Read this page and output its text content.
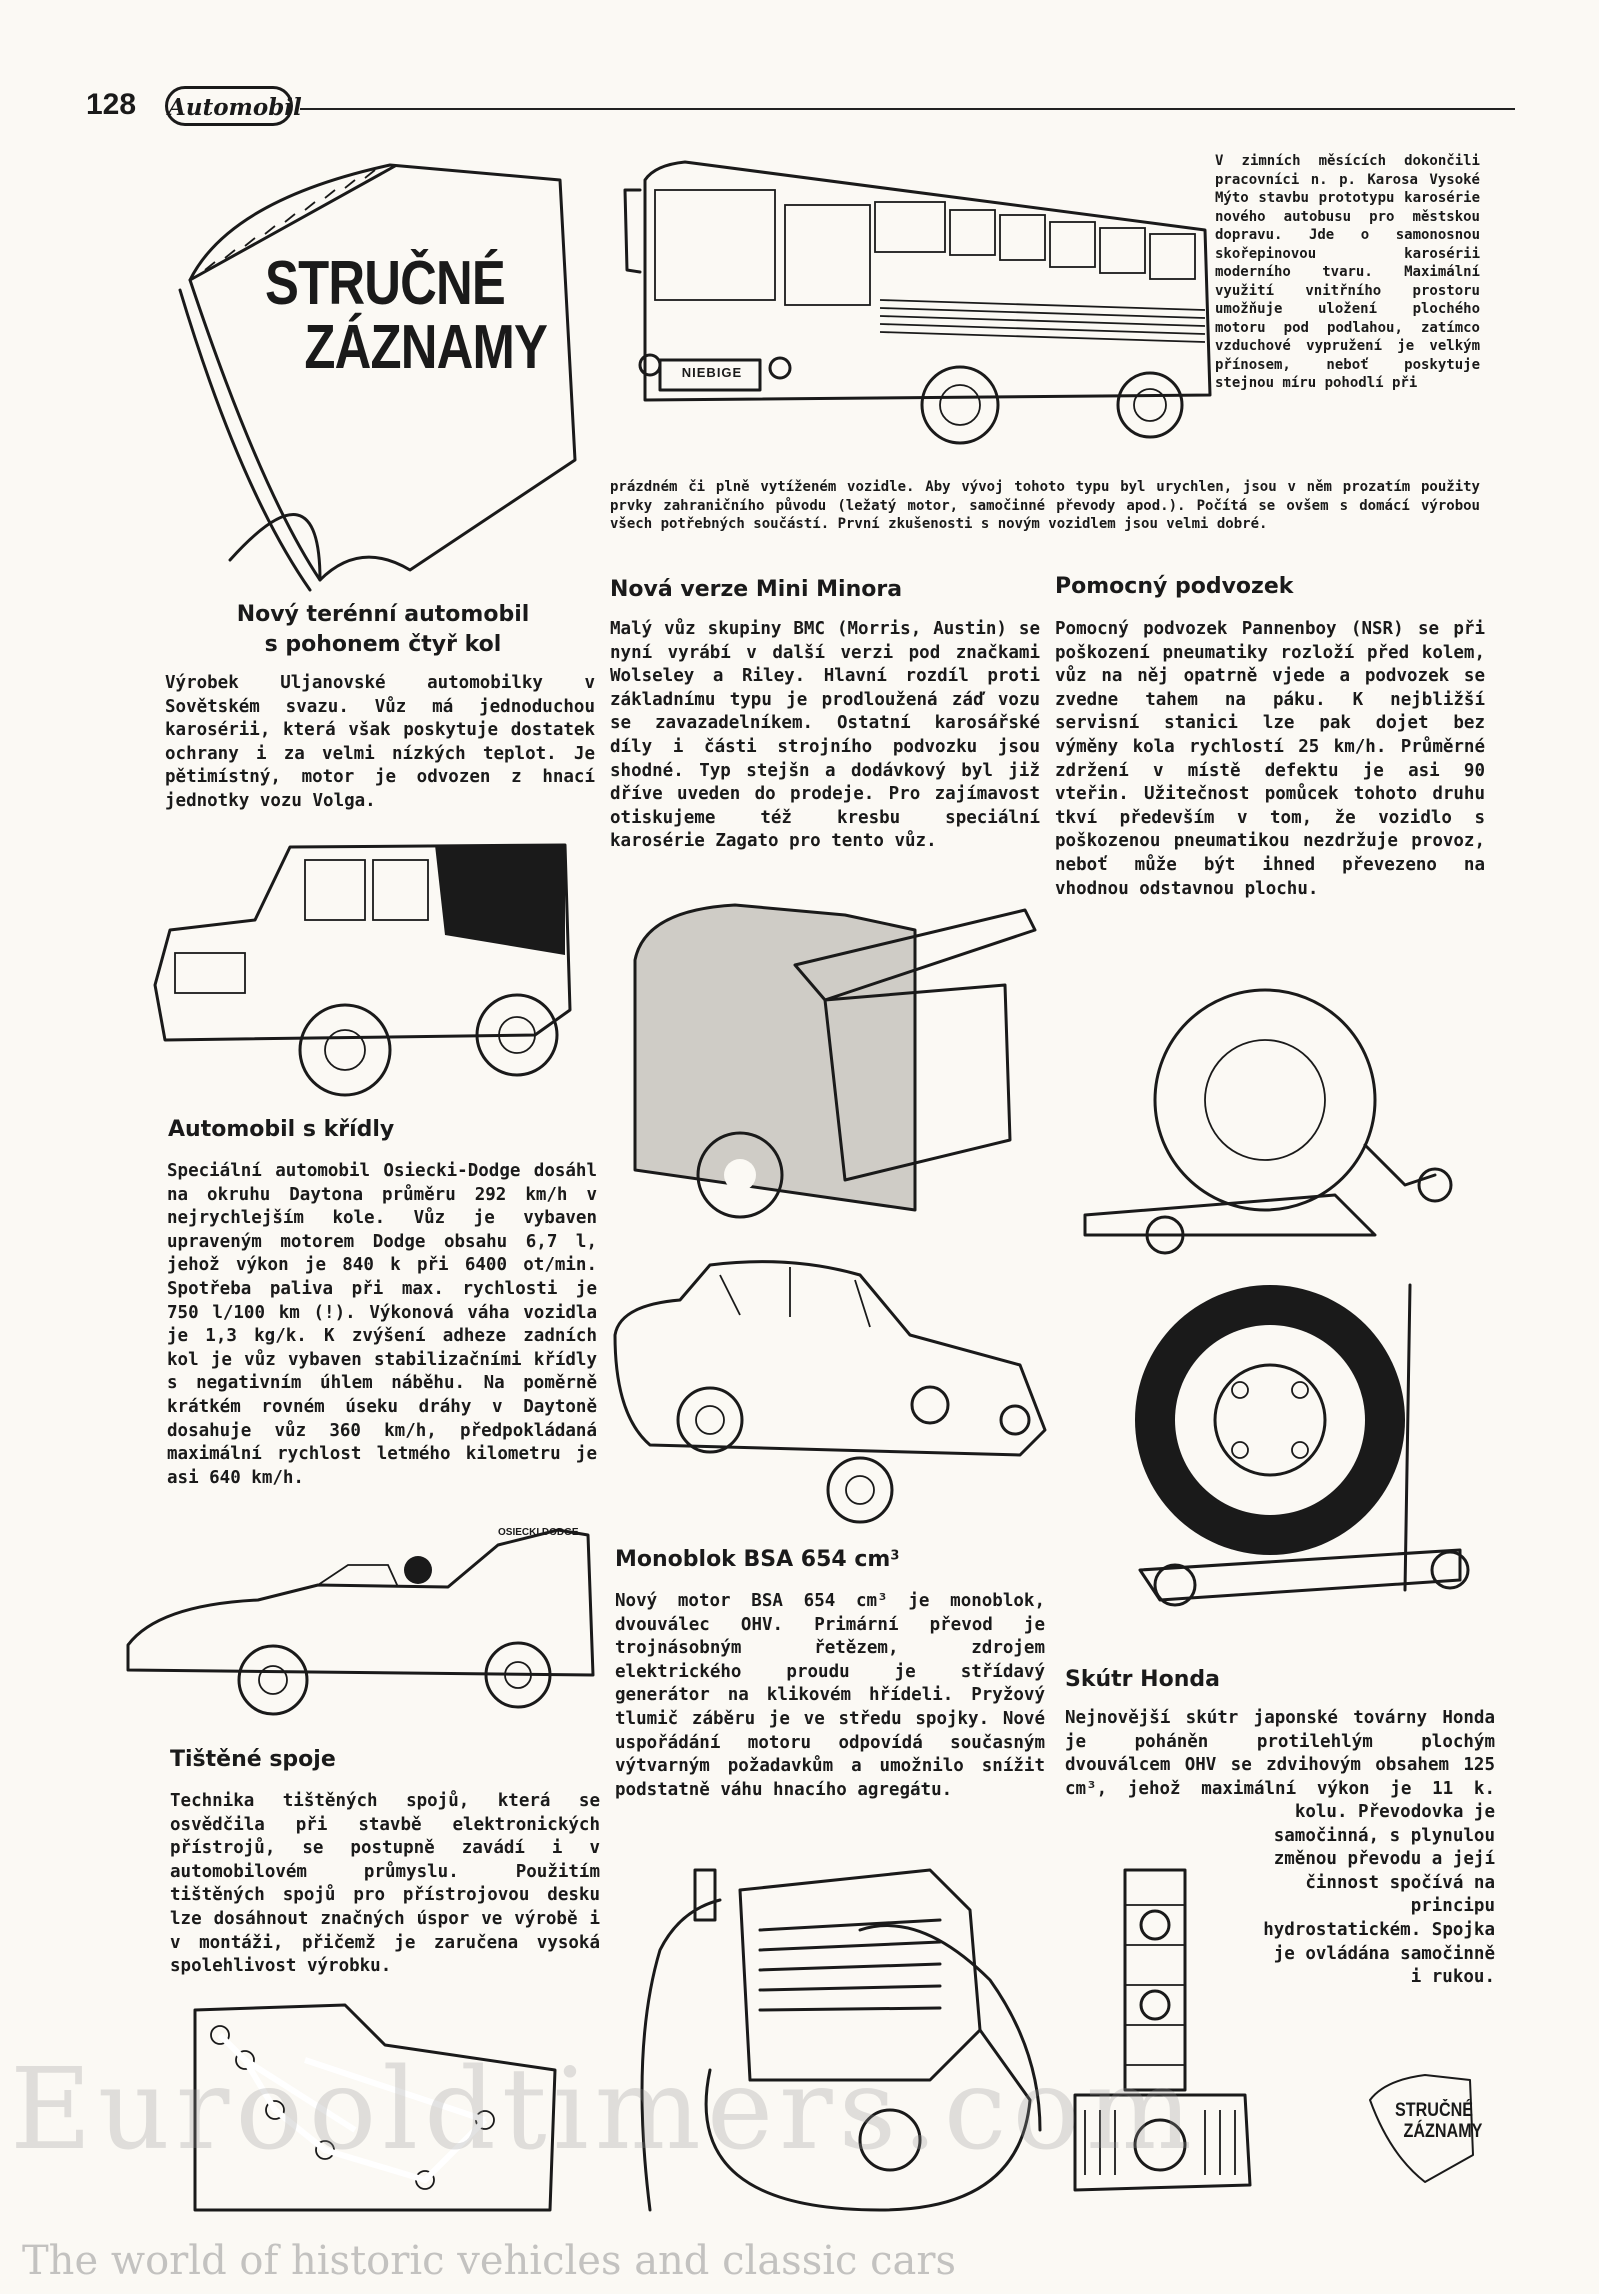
128 Automobil
STRUČNÉ
ZÁZNAMY	NIEBIGE

V zimních měsících dokončili pracovníci n. p. Karosa Vysoké Mýto stavbu prototypu karosérie nového autobusu pro městskou dopravu. Jde o samonosnou skořepinovou karosérii moderního tvaru. Maximální využití vnitřního prostoru umožňuje uložení plochého motoru pod podlahou, zatímco vzduchové vypružení je velkým přínosem, neboť poskytuje stejnou míru pohodlí při

prázdném či plně vytíženém vozidle. Aby vývoj tohoto typu byl urychlen, jsou v něm prozatím použity prvky zahraničního původu (ležatý motor, samočinné převody apod.). Počítá se ovšem s domácí výrobou všech potřebných součástí. První zkušenosti s novým vozidlem jsou velmi dobré.

Nový terénní automobil
s pohonem čtyř kol

Výrobek Uljanovské automobilky v Sovětském svazu. Vůz má jednoduchou karosérii, která však poskytuje dostatek ochrany i za velmi nízkých teplot. Je pětimístný, motor je odvozen z hnací jednotky vozu Volga.

Automobil s křídly

Speciální automobil Osiecki-Dodge dosáhl na okruhu Daytona průměru 292 km/h v nejrychlejším kole. Vůz je vybaven upraveným motorem Dodge obsahu 6,7 l, jehož výkon je 840 k při 6400 ot/min. Spotřeba paliva při max. rychlosti je 750 l/100 km (!). Výkonová váha vozidla je 1,3 kg/k. K zvýšení adheze zadních kol je vůz vybaven stabilizačními křídly s negativním úhlem náběhu. Na poměrně krátkém rovném úseku dráhy v Daytoně dosahuje vůz 360 km/h, předpokládaná maximální rychlost letmého kilometru je asi 640 km/h.

OSIECKI DODGE
Tištěné spoje

Technika tištěných spojů, která se osvědčila při stavbě elektronických přístrojů, se postupně zavádí i v automobilovém průmyslu. Použitím tištěných spojů pro přístrojovou desku lze dosáhnout značných úspor ve výrobě i v montáži, přičemž je zaručena vysoká spolehlivost výrobku.

Nová verze Mini Minora

Malý vůz skupiny BMC (Morris, Austin) se nyní vyrábí v další verzi pod značkami Wolseley a Riley. Hlavní rozdíl proti základnímu typu je prodloužená záď vozu se zavazadelníkem. Ostatní karosářské díly i části strojního podvozku jsou shodné. Typ stejšn a dodávkový byl již dříve uveden do prodeje. Pro zajímavost otiskujeme též kresbu speciální karosérie Zagato pro tento vůz.

Monoblok BSA 654 $cm^3$

Nový motor BSA 654 cm³ je monoblok, dvouválec OHV. Primární převod je trojnásobným řetězem, zdrojem elektrického proudu je střídavý generátor na klikovém hřídeli. Pryžový tlumič záběru je ve středu spojky. Nové uspořádání motoru odpovídá současným výtvarným požadavkům a umožnilo snížit podstatně váhu hnacího agregátu.

Pomocný podvozek

Pomocný podvozek Pannenboy (NSR) se při poškození pneumatiky rozloží před kolem, vůz na něj opatrně vjede a podvozek se zvedne tahem na páku. K nejbližší servisní stanici lze pak dojet bez výměny kola rychlostí 25 km/h. Průměrné zdržení v místě defektu je asi 90 vteřin. Užitečnost pomůcek tohoto druhu tkví především v tom, že vozidlo s poškozenou pneumatikou nezdržuje provoz, neboť může být ihned převezeno na vhodnou odstavnou plochu.

Skútr Honda

Nejnovější skútr japonské továrny Honda je poháněn protilehlým plochým dvouválcem OHV se zdvihovým obsahem 125 cm³, jehož maximální výkon je 11 k.

kolu. Převodovka je samočinná, s plynulou změnou převodu a její činnost spočívá na principu hydrostatickém. Spojka je ovládána samočinně i rukou.

STRUČNÉ
ZÁZNAMY
Eurooldtimers.com
The world of historic vehicles and classic cars
